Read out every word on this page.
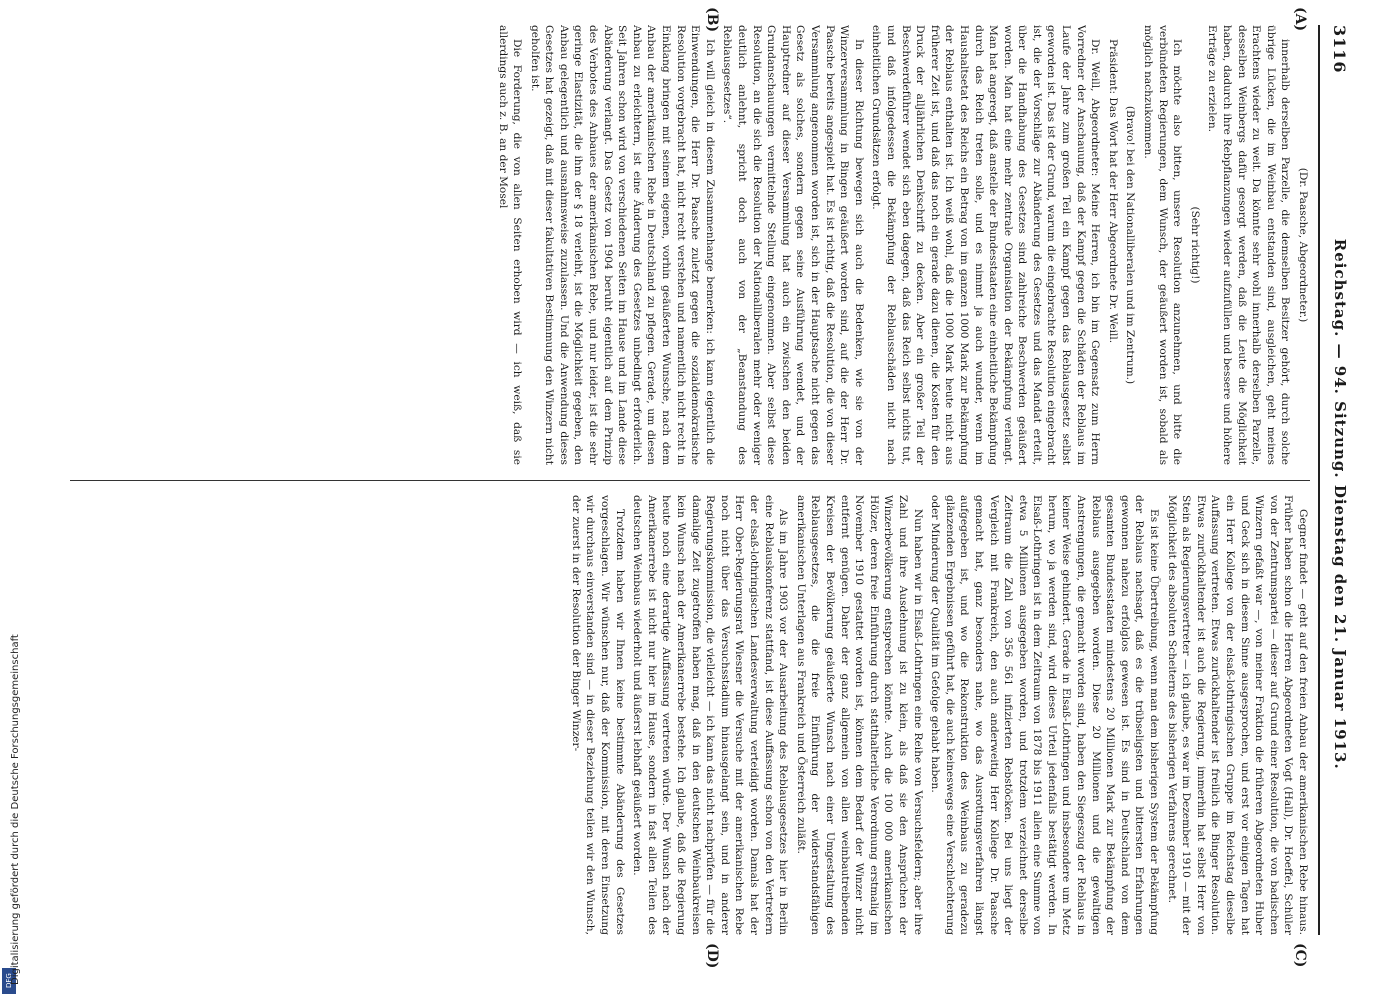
3116
Reichstag. — 94. Sitzung. Dienstag den 21. Januar 1913.
(A)
(B)
(C)
(D)

(Dr. Paasche, Abgeordneter.)

innerhalb derselben Parzelle, die demselben Besitzer gehört, durch solche übrige Lücken, die im Weinbau entstanden sind, ausgleichen, geht meines Erachtens wieder zu weit. Da könnte sehr wohl innerhalb derselben Parzelle, desselben Weinbergs dafür gesorgt werden, daß die Leute die Möglichkeit haben, dadurch ihre Rebpflanzungen wieder aufzufüllen und bessere und höhere Erträge zu erzielen.

(Sehr richtig!)

Ich möchte also bitten, unsere Resolution anzunehmen, und bitte die verbündeten Regierungen, dem Wunsch, der geäußert worden ist, sobald als möglich nachzukommen.

(Bravo! bei den Nationalliberalen und im Zentrum.)

Präsident: Das Wort hat der Herr Abgeordnete Dr. Weill.

Dr. Weill, Abgeordneter: Meine Herren, ich bin im Gegensatz zum Herrn Vorredner der Anschauung, daß der Kampf gegen die Schäden der Reblaus im Laufe der Jahre zum großen Teil ein Kampf gegen das Reblausgesetz selbst geworden ist. Das ist der Grund, warum die eingebrachte Resolution eingebracht ist, die der Vorschläge zur Abänderung des Gesetzes und das Mandat erteilt, über die Handhabung des Gesetzes sind zahlreiche Beschwerden geäußert worden. Man hat eine mehr zentrale Organisation der Bekämpfung verlangt. Man hat angeregt, daß anstelle der Bundesstaaten eine einheitliche Bekämpfung durch das Reich treten solle, und es nimmt ja auch wunder, wenn im Haushaltsetat des Reichs ein Betrag von im ganzen 1000 Mark zur Bekämpfung der Reblaus enthalten ist. Ich weiß wohl, daß die 1000 Mark heute nicht aus früherer Zeit ist, und daß das noch ein gerade dazu dienen, die Kosten für den Druck der alljährlichen Denkschrift zu decken. Aber ein großer Teil der Beschwerdeführer wendet sich eben dagegen, daß das Reich selbst nichts tut, und daß infolgedessen die Bekämpfung der Reblausschäden nicht nach einheitlichen Grundsätzen erfolgt.

In dieser Richtung bewegen sich auch die Bedenken, wie sie von der Winzerversammlung in Bingen geäußert worden sind, auf die der Herr Dr. Paasche bereits angespielt hat. Es ist richtig, daß die Resolution, die von dieser Versammlung angenommen worden ist, sich in der Hauptsache nicht gegen das Gesetz als solches, sondern gegen seine Ausführung wendet, und der Hauptredner auf dieser Versammlung hat auch ein zwischen den beiden Grundanschauungen vermittelnde Stellung eingenommen. Aber selbst diese Resolution, an die sich die Resolution der Nationalliberalen mehr oder weniger deutlich anlehnt, spricht doch auch von der „Beanstandung des Reblausgesetzes“.

Ich will gleich in diesem Zusammenhange bemerken: ich kann eigentlich die Einwendungen, die Herr Dr. Paasche zuletzt gegen die sozialdemokratische Resolution vorgebracht hat, nicht recht verstehen und namentlich nicht recht in Einklang bringen mit seinem eigenen, vorhin geäußerten Wunsche, nach dem Anbau der amerikanischen Rebe in Deutschland zu pflegen. Gerade, um diesen Anbau zu erleichtern, ist eine Änderung des Gesetzes unbedingt erforderlich. Seit Jahren schon wird von verschiedenen Seiten im Hause und im Lande diese Abänderung verlangt. Das Gesetz von 1904 beruht eigentlich auf dem Prinzip des Verbotes des Anbaues der amerikanischen Rebe, und nur leider, ist die sehr geringe Elastizität, die ihm der § 18 verleiht, ist die Möglichkeit gegeben, den Anbau gelegentlich und ausnahmsweise zuzulassen. Und die Anwendung dieses Gesetzes hat gezeigt, daß mit dieser fakultativen Bestimmung den Winzern nicht geholfen ist.

Die Forderung, die von allen Seiten erhoben wird — ich weiß, daß sie allerdings auch z. B. an der Mosel

Gegner findet — geht auf den freien Anbau der amerikanischen Rebe hinaus. Früher haben schon die Herren Abgeordneten Vogt (Hall), Dr. Hoeffel, Schüler von der Zentrumspartei — dieser auf Grund einer Resolution, die von badischen Winzern gefaßt war —, von meiner Fraktion die früheren Abgeordneten Huber und Geck sich in diesem Sinne ausgesprochen, und erst vor einigen Tagen hat ein Herr Kollege von der elsaß-lothringischen Gruppe im Reichstag dieselbe Auffassung vertreten. Etwas zurückhaltender ist freilich die Binger Resolution. Etwas zurückhaltender ist auch die Regierung, immerhin hat selbst Herr von Stein als Regierungsvertreter — ich glaube, es war im Dezember 1910 — mit der Möglichkeit des absoluten Scheiterns des bisherigen Verfahrens gerechnet.

Es ist keine Übertreibung, wenn man dem bisherigen System der Bekämpfung der Reblaus nachsagt, daß es die trübseligsten und bittersten Erfahrungen gewonnen nahezu erfolglos gewesen ist. Es sind in Deutschland von dem gesamten Bundesstaaten mindestens 20 Millionen Mark zur Bekämpfung der Reblaus ausgegeben worden. Diese 20 Millionen und die gewaltigen Anstrengungen, die gemacht worden sind, haben den Siegeszug der Reblaus in keiner Weise gehindert. Gerade in Elsaß-Lothringen und insbesondere um Metz herum, wo ja werden sind, wird dieses Urteil jedenfalls bestätigt werden. In Elsaß-Lothringen ist in dem Zeitraum von 1878 bis 1911 allein eine Summe von etwa 5 Millionen ausgegeben worden, und trotzdem verzeichnet derselbe Zeitraum die Zahl von 356 561 infizierten Rebstöcken. Bei uns liegt der Vergleich mit Frankreich, den auch anderweitig Herr Kollege Dr. Paasche gemacht hat, ganz besonders nahe, wo das Ausrottungsverfahren längst aufgegeben ist, und wo die Rekonstruktion des Weinbaus zu geradezu glänzenden Ergebnissen geführt hat, die auch keineswegs eine Verschlechterung oder Minderung der Qualität im Gefolge gehabt haben.

Nun haben wir in Elsaß-Lothringen eine Reihe von Versuchsfeldern; aber ihre Zahl und ihre Ausdehnung ist zu klein, als daß sie den Ansprüchen der Winzerbevölkerung entsprechen könnte. Auch die 100 000 amerikanischen Hölzer, deren freie Einführung durch statthalterliche Verordnung erstmalig im November 1910 gestattet worden ist, können dem Bedarf der Winzer nicht entfernt genügen. Daher der ganz allgemein von allen weinbautreibenden Kreisen der Bevölkerung geäußerte Wunsch nach einer Umgestaltung des Reblausgesetzes, die die freie Einführung der widerstandsfähigen amerikanischen Unterlagen aus Frankreich und Österreich zuläßt.

Als im Jahre 1903 vor der Ausarbeitung des Reblausgesetzes hier in Berlin eine Reblauskonferenz stattfand, ist diese Auffassung schon von den Vertretern der elsaß-lothringischen Landesverwaltung verteidigt worden. Damals hat der Herr Ober-Regierungsrat Wiesner die Versuche mit der amerikanischen Rebe noch nicht über das Versuchsstadium hinausgelangt sein, und in anderer Regierungskommission, die vielleicht — ich kann das nicht nachprüfen — für die damalige Zeit zugetroffen haben mag, daß in den deutschen Weinbaukreisen kein Wunsch nach der Amerikanerrebe bestehe. Ich glaube, daß die Regierung heute noch eine derartige Auffassung vertreten würde. Der Wunsch nach der Amerikanerrebe ist nicht nur hier im Hause, sondern in fast allen Teilen des deutschen Weinbaus wiederholt und äußerst lebhaft geäußert worden.

Trotzdem haben wir Ihnen keine bestimmte Abänderung des Gesetzes vorgeschlagen. Wir wünschen nur, daß der Kommission, mit deren Einsetzung wir durchaus einverstanden sind — in dieser Beziehung teilen wir den Wunsch, der zuerst in der Resolution der Binger Winzer-

DFG
Digitalisierung gefördert durch die Deutsche Forschungsgemeinschaft
